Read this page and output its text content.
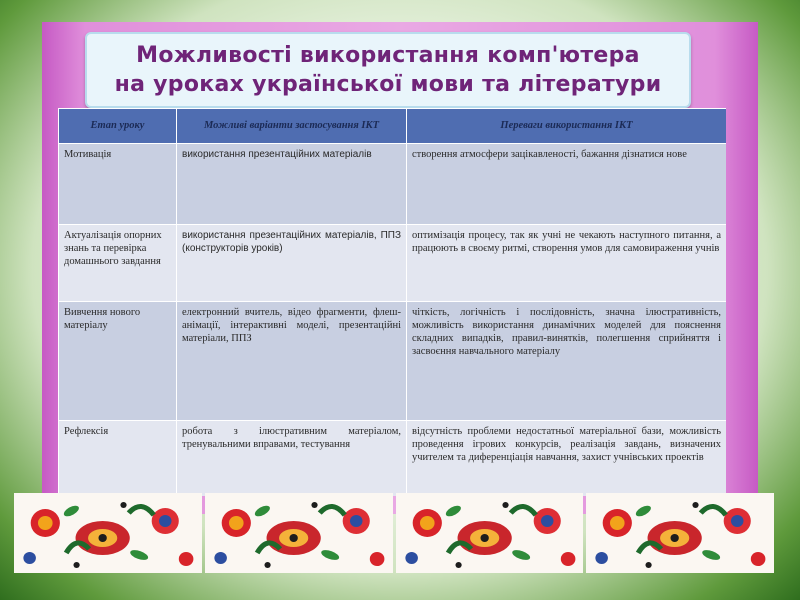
Можливості використання комп'ютера
на уроках української мови та літератури
Етап уроку	Можливі варіанти застосування ІКТ	Переваги використання ІКТ
Мотивація	використання презентаційних матеріалів	створення атмосфери зацікавленості, бажання дізнатися нове
Актуалізація опорних знань та перевірка домашнього завдання	використання презентаційних матеріалів, ППЗ (конструкторів уроків)	оптимізація процесу, так як учні не чекають наступного питання, а працюють в своєму ритмі, створення умов для самовираження учнів
Вивчення нового матеріалу	електронний вчитель, відео фрагменти, флеш-анімації, інтерактивні моделі, презентаційні матеріали, ППЗ	чіткість, логічність і послідовність, значна ілюстративність, можливість використання динамічних моделей для пояснення складних випадків, правил-винятків, полегшення сприйняття і засвоєння навчального матеріалу
Рефлексія	робота з ілюстративним матеріалом, тренувальними вправами, тестування	відсутність проблеми недостатньої матеріальної бази, можливість проведення ігрових конкурсів, реалізація завдань, визначених учителем та диференціація навчання, захист учнівських проектів
